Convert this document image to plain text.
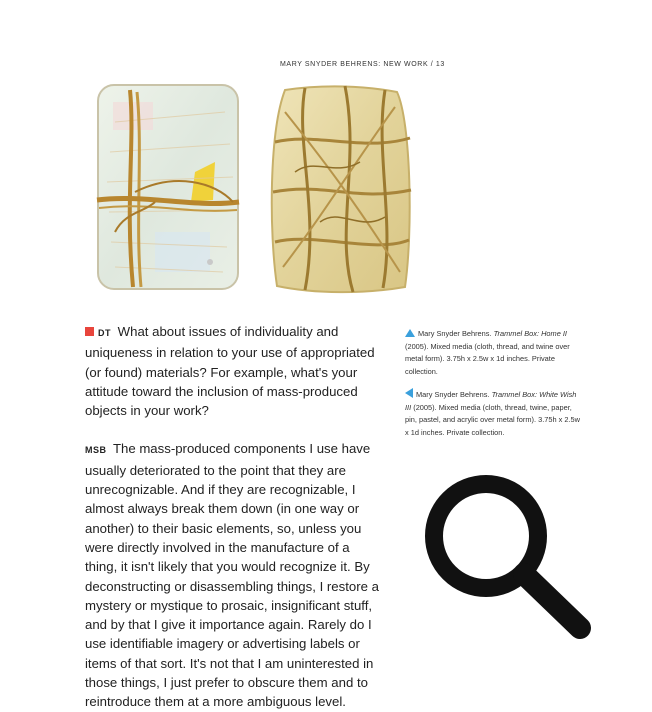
MARY SNYDER BEHRENS: NEW WORK / 13

DT What about issues of individuality and uniqueness in relation to your use of appropriated (or found) materials? For example, what's your attitude toward the inclusion of mass-produced objects in your work?

MSB The mass-produced components I use have usually deteriorated to the point that they are unrecognizable. And if they are recognizable, I almost always break them down (in one way or another) to their basic elements, so, unless you were directly involved in the manufacture of a thing, it isn't likely that you would recognize it. By deconstructing or disassembling things, I restore a mystery or mystique to prosaic, insignificant stuff, and by that I give it importance again. Rarely do I use identifiable imagery or advertising labels or items of that sort. It's not that I am uninterested in those things, I just prefer to obscure them and to reintroduce them at a more ambiguous level.

Mary Snyder Behrens. Trammel Box: Home II (2005). Mixed media (cloth, thread, and twine over metal form). 3.75h x 2.5w x 1d inches. Private collection.

Mary Snyder Behrens. Trammel Box: White Wish III (2005). Mixed media (cloth, thread, twine, paper, pin, pastel, and acrylic over metal form). 3.75h x 2.5w x 1d inches. Private collection.
